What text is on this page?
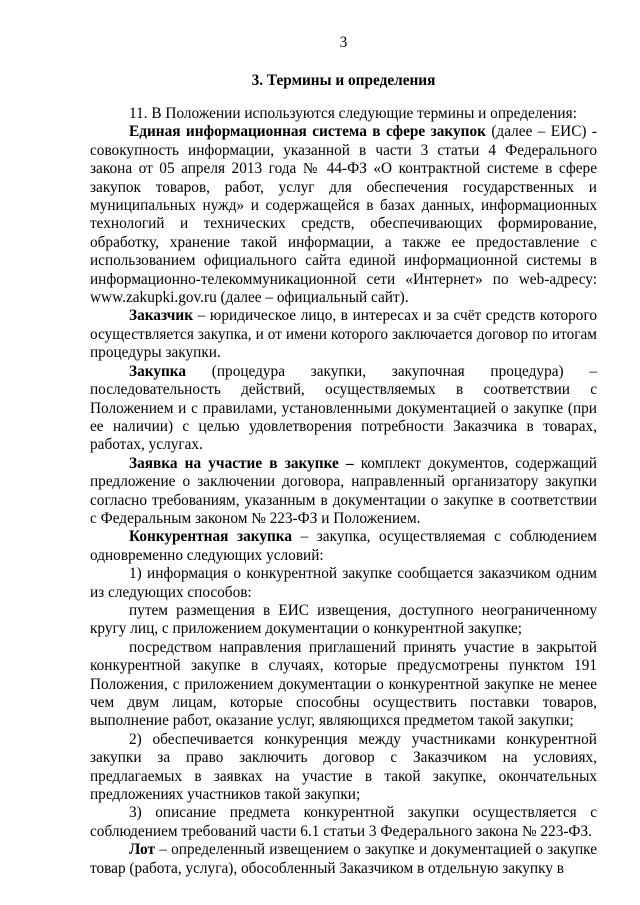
3
3. Термины и определения

11. В Положении используются следующие термины и определения:

Единая информационная система в сфере закупок (далее – ЕИС) - совокупность информации, указанной в части 3 статьи 4 Федерального закона от 05 апреля 2013 года № 44-ФЗ «О контрактной системе в сфере закупок товаров, работ, услуг для обеспечения государственных и муниципальных нужд» и содержащейся в базах данных, информационных технологий и технических средств, обеспечивающих формирование, обработку, хранение такой информации, а также ее предоставление с использованием официального сайта единой информационной системы в информационно-телекоммуникационной сети «Интернет» по web-адресу: www.zakupki.gov.ru (далее – официальный сайт).

Заказчик – юридическое лицо, в интересах и за счёт средств которого осуществляется закупка, и от имени которого заключается договор по итогам процедуры закупки.

Закупка (процедура закупки, закупочная процедура) – последовательность действий, осуществляемых в соответствии с Положением и с правилами, установленными документацией о закупке (при ее наличии) с целью удовлетворения потребности Заказчика в товарах, работах, услугах.

Заявка на участие в закупке – комплект документов, содержащий предложение о заключении договора, направленный организатору закупки согласно требованиям, указанным в документации о закупке в соответствии с Федеральным законом № 223-ФЗ и Положением.

Конкурентная закупка – закупка, осуществляемая с соблюдением одновременно следующих условий:

1) информация о конкурентной закупке сообщается заказчиком одним из следующих способов:

путем размещения в ЕИС извещения, доступного неограниченному кругу лиц, с приложением документации о конкурентной закупке;

посредством направления приглашений принять участие в закрытой конкурентной закупке в случаях, которые предусмотрены пунктом 191 Положения, с приложением документации о конкурентной закупке не менее чем двум лицам, которые способны осуществить поставки товаров, выполнение работ, оказание услуг, являющихся предметом такой закупки;

2) обеспечивается конкуренция между участниками конкурентной закупки за право заключить договор с Заказчиком на условиях, предлагаемых в заявках на участие в такой закупке, окончательных предложениях участников такой закупки;

3) описание предмета конкурентной закупки осуществляется с соблюдением требований части 6.1 статьи 3 Федерального закона № 223-ФЗ.

Лот – определенный извещением о закупке и документацией о закупке товар (работа, услуга), обособленный Заказчиком в отдельную закупку в
